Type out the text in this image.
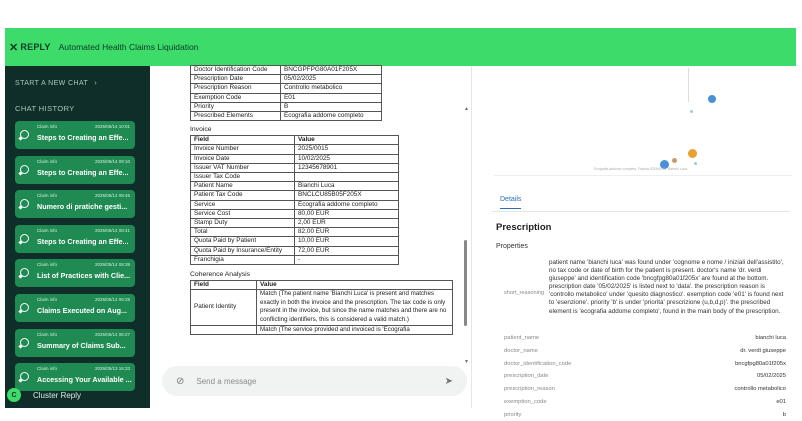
✕ REPLY Automated Health Claims Liquidation
START A NEW CHAT ›
CHAT HISTORY
Claim info	2025/05/14 10:01
Steps to Creating an Effe...
Claim info	2025/05/14 09:10
Steps to Creating an Effe...
Claim info	2025/05/14 08:46
Numero di pratiche gesti...
Claim info	2025/05/14 08:41
Steps to Creating an Effe...
Claim info	2025/05/14 08:39
List of Practices with Clie...
Claim info	2025/05/14 06:28
Claims Executed on Aug...
Claim info	2025/05/14 06:27
Summary of Claims Sub...
Claim info	2025/05/13 16:33
Accessing Your Available ...
C	Cluster Reply
Doctor Identification Code	BNCGPFPG80A01F205X
Prescription Date	05/02/2025
Prescription Reason	Controllo metabolico
Exemption Code	E01
Priority	B
Prescribed Elements	Ecografia addome completo
Invoice
Field	Value
Invoice Number	2025/0015
Invoice Date	10/02/2025
Issuer VAT Number	12345678901
Issuer Tax Code	
Patient Name	Bianchi Luca
Patient Tax Code	BNCLCU85B05F205X
Service	Ecografia addome completo
Service Cost	80,00 EUR
Stamp Duty	2,00 EUR
Total	82,00 EUR
Quota Paid by Patient	10,00 EUR
Quota Paid by Insurance/Entity	72,00 EUR
Franchigia	-
Coherence Analysis
Field	Value
Patient Identity	Match (The patient name 'Bianchi Luca' is present and matches exactly in both the invoice and the prescription. The tax code is only present in the invoice, but since the name matches and there are no conflicting identifiers, this is considered a valid match.)
	Match (The service provided and invoiced is 'Ecografia
▲
▼
⊘ Send a message	➤
Ecografia addome completo, Fattura 2025/0015, Bianchi Luca
Details
Prescription
Properties
short_reasoning
patient name 'bianchi luca' was found under 'cognome e nome / iniziali dell'assistito', no tax code or date of birth for the patient is present. doctor's name 'dr. verdi giuseppe' and identification code 'bncgfpg80a01f205x' are found at the bottom. prescription date '05/02/2025' is listed next to 'data'. the prescription reason is 'controllo metabolico' under 'quesito diagnostico'. exemption code 'e01' is found next to 'esenzione'. priority 'b' is under 'priorita' prescrizione (u,b,d,p)'. the prescribed element is 'ecografia addome completo', found in the main body of the prescription.
patient_name	bianchi luca
doctor_name	dr. verdi giuseppe
doctor_identification_code	bncgfpg80a01f205x
prescription_date	05/02/2025
prescription_reason	controllo metabolico
exemption_code	e01
priority	b
